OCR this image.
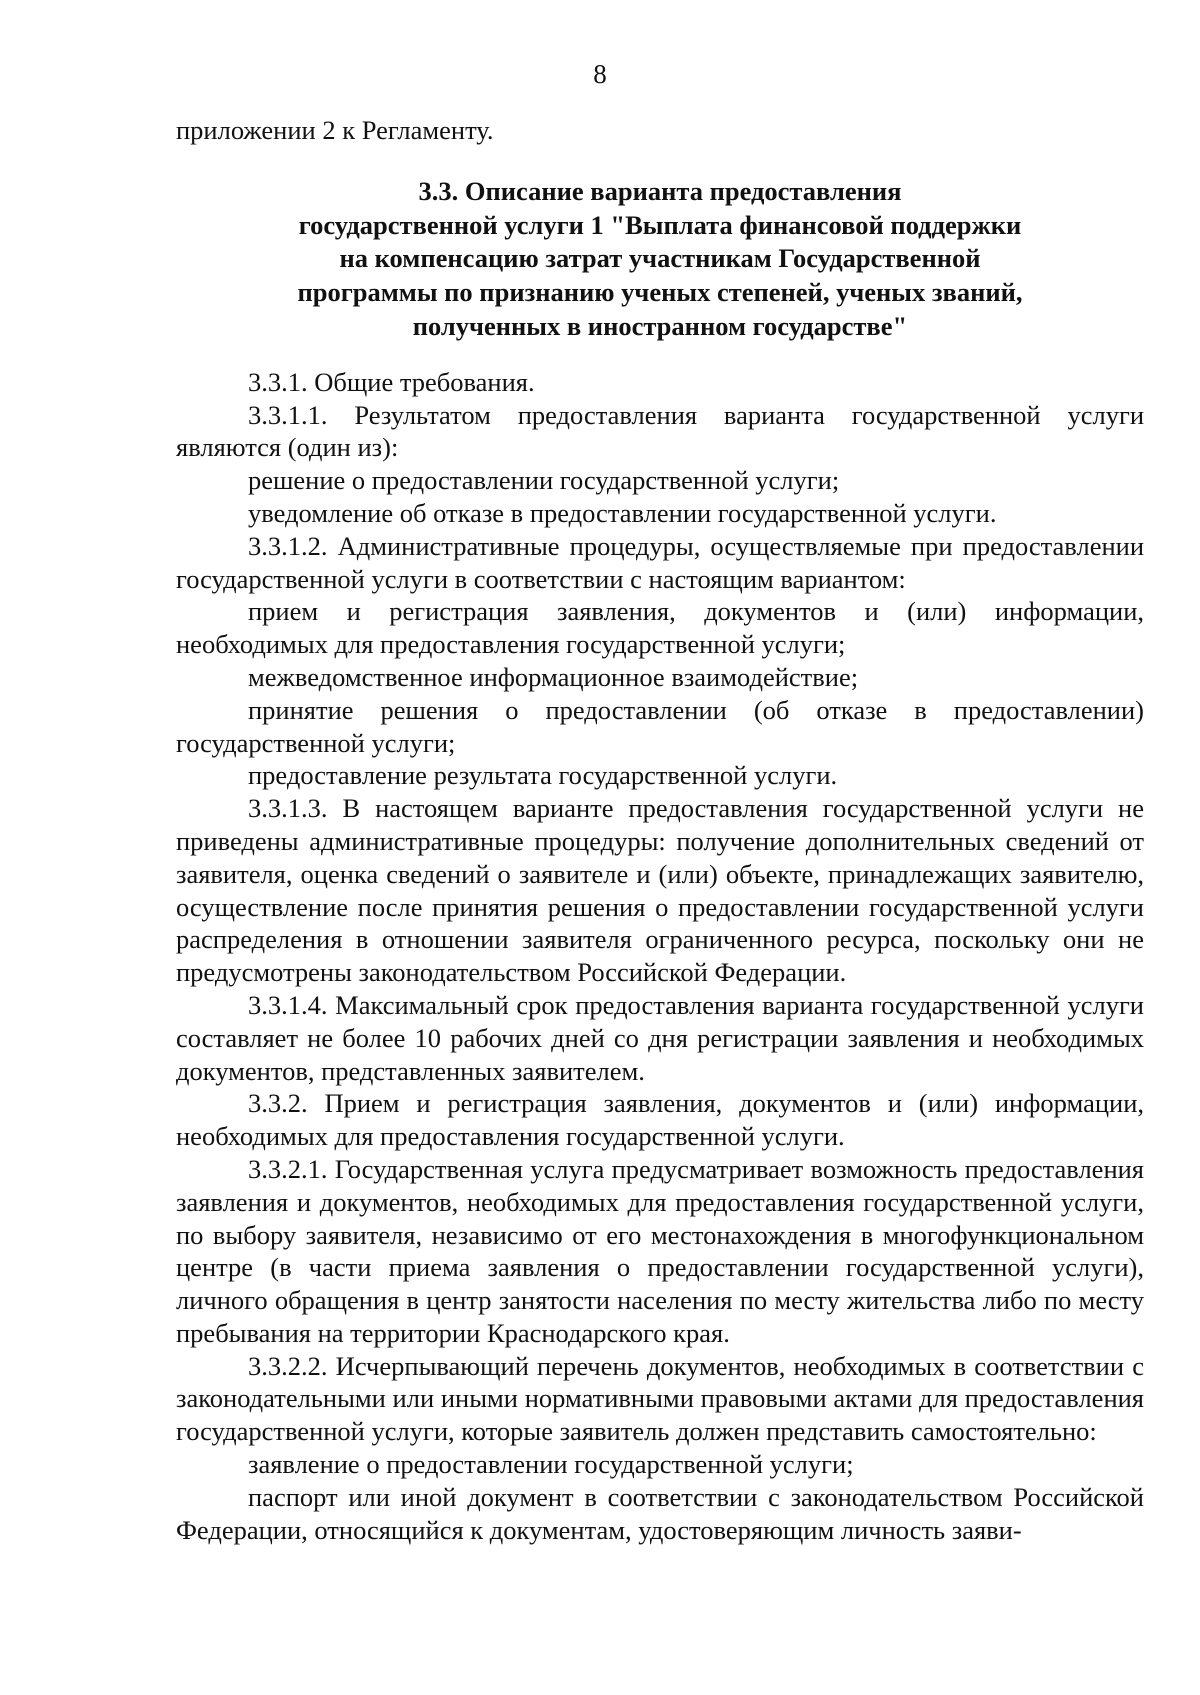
8

приложении 2 к Регламенту.

3.3. Описание варианта предоставления
государственной услуги 1 "Выплата финансовой поддержки
на компенсацию затрат участникам Государственной
программы по признанию ученых степеней, ученых званий,
полученных в иностранном государстве"

3.3.1. Общие требования.

3.3.1.1. Результатом предоставления варианта государственной услуги являются (один из):

решение о предоставлении государственной услуги;

уведомление об отказе в предоставлении государственной услуги.

3.3.1.2. Административные процедуры, осуществляемые при предоставлении государственной услуги в соответствии с настоящим вариантом:

прием и регистрация заявления, документов и (или) информации, необходимых для предоставления государственной услуги;

межведомственное информационное взаимодействие;

принятие решения о предоставлении (об отказе в предоставлении) государственной услуги;

предоставление результата государственной услуги.

3.3.1.3. В настоящем варианте предоставления государственной услуги не приведены административные процедуры: получение дополнительных сведений от заявителя, оценка сведений о заявителе и (или) объекте, принадлежащих заявителю, осуществление после принятия решения о предоставлении государственной услуги распределения в отношении заявителя ограниченного ресурса, поскольку они не предусмотрены законодательством Российской Федерации.

3.3.1.4. Максимальный срок предоставления варианта государственной услуги составляет не более 10 рабочих дней со дня регистрации заявления и необходимых документов, представленных заявителем.

3.3.2. Прием и регистрация заявления, документов и (или) информации, необходимых для предоставления государственной услуги.

3.3.2.1. Государственная услуга предусматривает возможность предоставления заявления и документов, необходимых для предоставления государственной услуги, по выбору заявителя, независимо от его местонахождения в многофункциональном центре (в части приема заявления о предоставлении государственной услуги), личного обращения в центр занятости населения по месту жительства либо по месту пребывания на территории Краснодарского края.

3.3.2.2. Исчерпывающий перечень документов, необходимых в соответствии с законодательными или иными нормативными правовыми актами для предоставления государственной услуги, которые заявитель должен представить самостоятельно:

заявление о предоставлении государственной услуги;

паспорт или иной документ в соответствии с законодательством Российской Федерации, относящийся к документам, удостоверяющим личность заяви-
